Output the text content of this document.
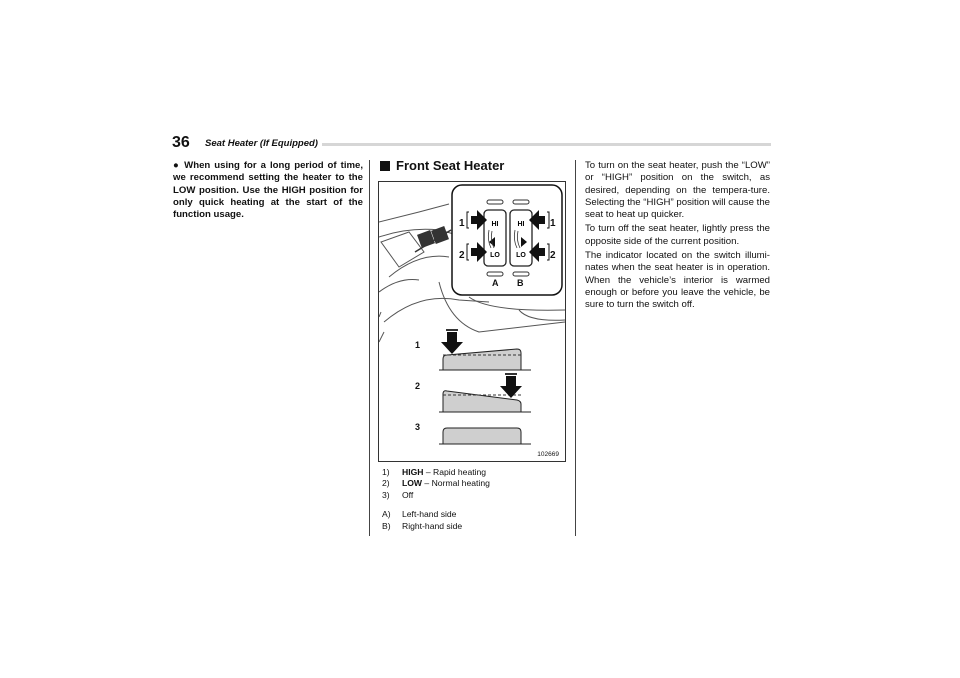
36 Seat Heater (If Equipped)
● When using for a long period of time, we recommend setting the heater to the LOW position. Use the HIGH position for only quick heating at the start of the function usage.
Front Seat Heater
HI
LO
HI
LO
1
2
1
2
A B
1
2
3
102669
1)	HIGH – Rapid heating
2)	LOW – Normal heating
3)	Off
A)	Left-hand side
B)	Right-hand side

To turn on the seat heater, push the “LOW” or “HIGH” position on the switch, as desired, depending on the tempera-ture. Selecting the “HIGH” position will cause the seat to heat up quicker.

To turn off the seat heater, lightly press the opposite side of the current position.

The indicator located on the switch illumi-nates when the seat heater is in operation. When the vehicle’s interior is warmed enough or before you leave the vehicle, be sure to turn the switch off.
